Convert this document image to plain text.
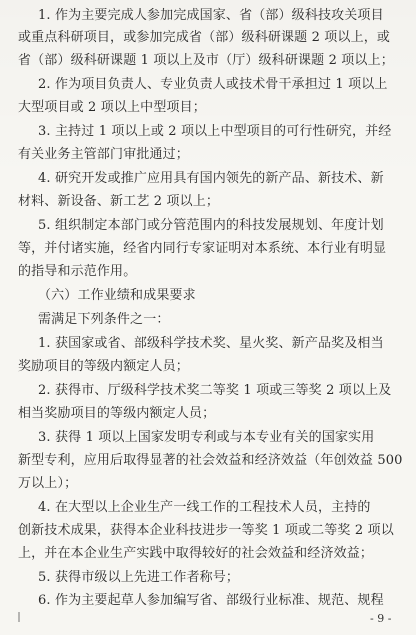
1. 作为主要完成人参加完成国家、省（部）级科技攻关项目
或重点科研项目，或参加完成省（部）级科研课题 2 项以上，或
省（部）级科研课题 1 项以上及市（厅）级科研课题 2 项以上；
2. 作为项目负责人、专业负责人或技术骨干承担过 1 项以上
大型项目或 2 项以上中型项目；
3. 主持过 1 项以上或 2 项以上中型项目的可行性研究，并经
有关业务主管部门审批通过；
4. 研究开发或推广应用具有国内领先的新产品、新技术、新
材料、新设备、新工艺 2 项以上；
5. 组织制定本部门或分管范围内的科技发展规划、年度计划
等，并付诸实施，经省内同行专家证明对本系统、本行业有明显
的指导和示范作用。
（六）工作业绩和成果要求
需满足下列条件之一：
1. 获国家或省、部级科学技术奖、星火奖、新产品奖及相当
奖励项目的等级内额定人员；
2. 获得市、厅级科学技术奖二等奖 1 项或三等奖 2 项以上及
相当奖励项目的等级内额定人员；
3. 获得 1 项以上国家发明专利或与本专业有关的国家实用
新型专利，应用后取得显著的社会效益和经济效益（年创效益 500
万以上）；
4. 在大型以上企业生产一线工作的工程技术人员，主持的
创新技术成果，获得本企业科技进步一等奖 1 项或二等奖 2 项以
上，并在本企业生产实践中取得较好的社会效益和经济效益；
5. 获得市级以上先进工作者称号；
6. 作为主要起草人参加编写省、部级行业标准、规范、规程
- 9 -
